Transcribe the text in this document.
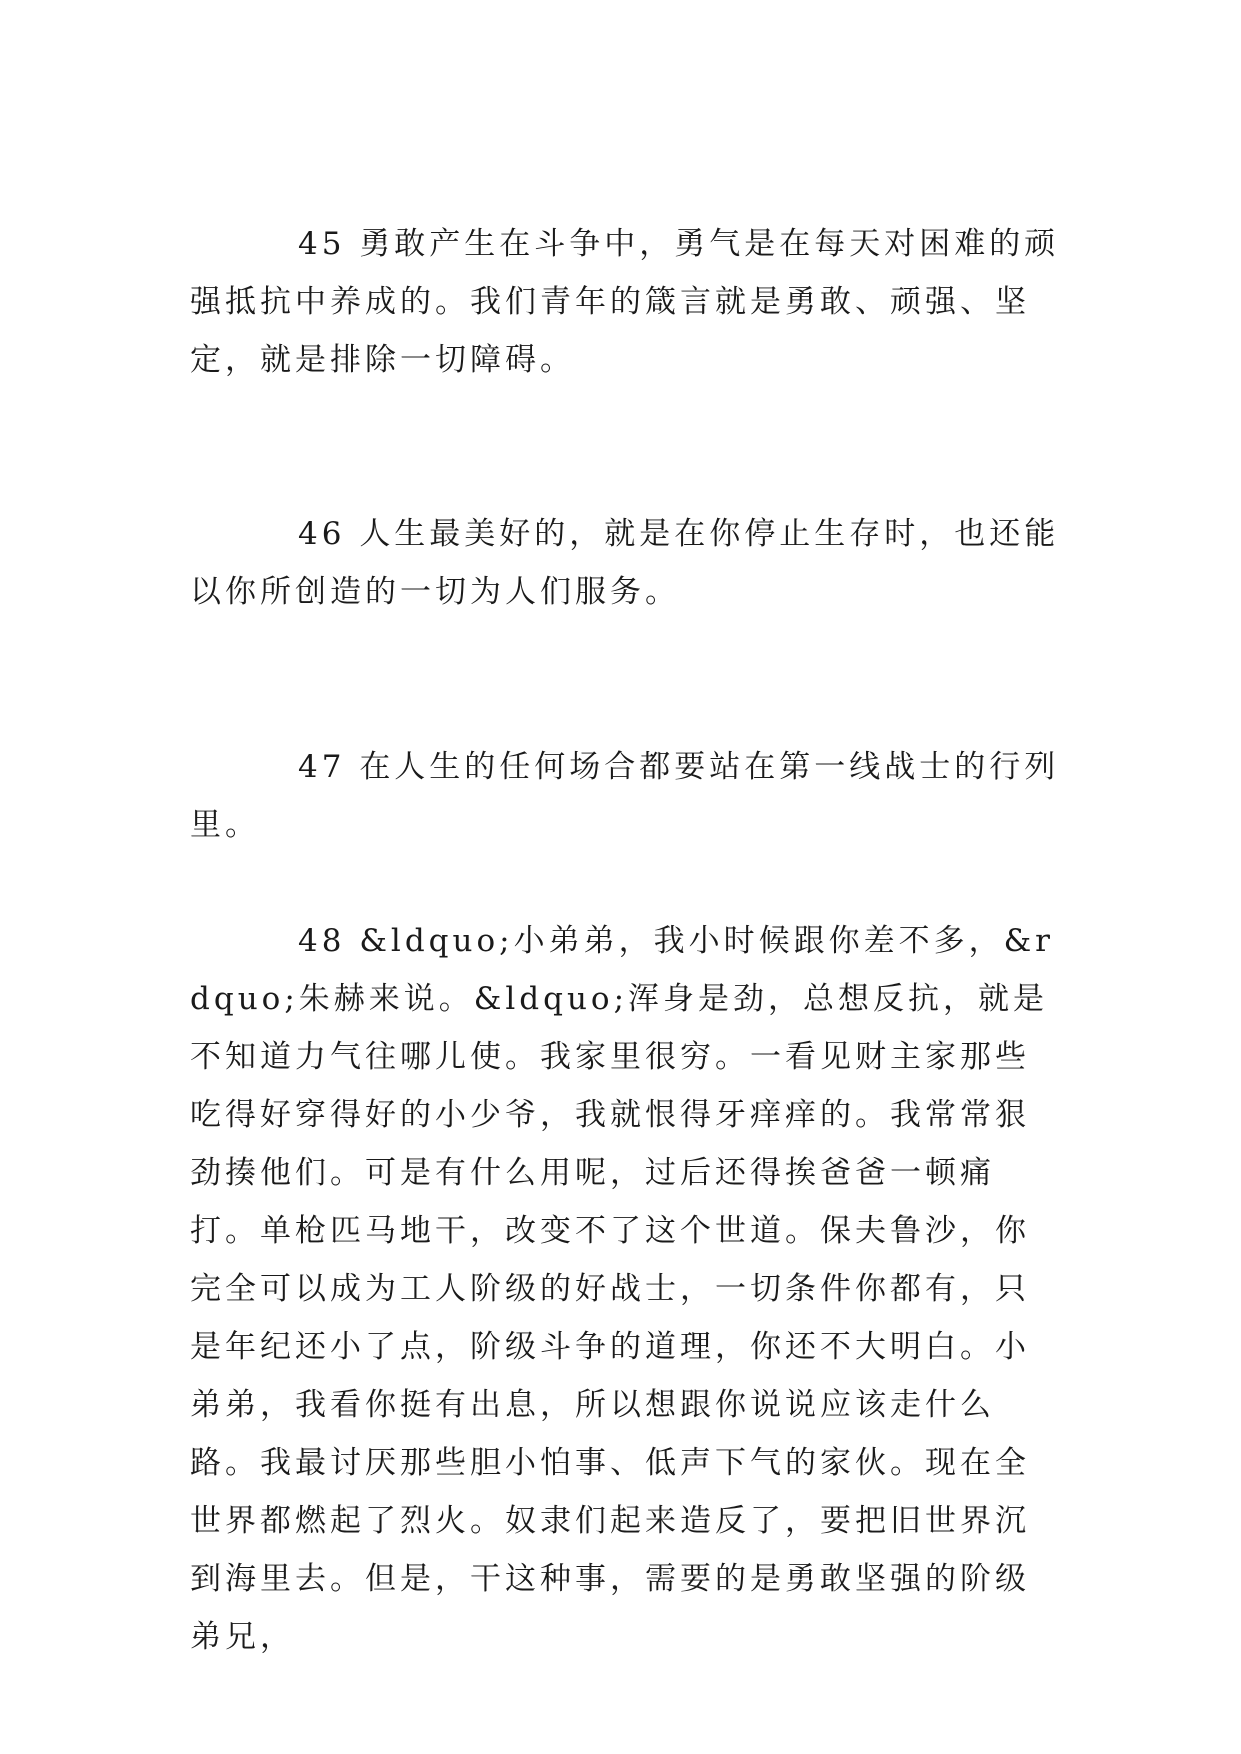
45 勇敢产生在斗争中，勇气是在每天对困难的顽强抵抗中养成的。我们青年的箴言就是勇敢、顽强、坚定，就是排除一切障碍。

46 人生最美好的，就是在你停止生存时，也还能以你所创造的一切为人们服务。

47 在人生的任何场合都要站在第一线战士的行列里。

48 &ldquo;小弟弟，我小时候跟你差不多，&rdquo;朱赫来说。&ldquo;浑身是劲，总想反抗，就是不知道力气往哪儿使。我家里很穷。一看见财主家那些吃得好穿得好的小少爷，我就恨得牙痒痒的。我常常狠劲揍他们。可是有什么用呢，过后还得挨爸爸一顿痛打。单枪匹马地干，改变不了这个世道。保夫鲁沙，你完全可以成为工人阶级的好战士，一切条件你都有，只是年纪还小了点，阶级斗争的道理，你还不大明白。小弟弟，我看你挺有出息，所以想跟你说说应该走什么路。我最讨厌那些胆小怕事、低声下气的家伙。现在全世界都燃起了烈火。奴隶们起来造反了，要把旧世界沉到海里去。但是，干这种事，需要的是勇敢坚强的阶级弟兄，
